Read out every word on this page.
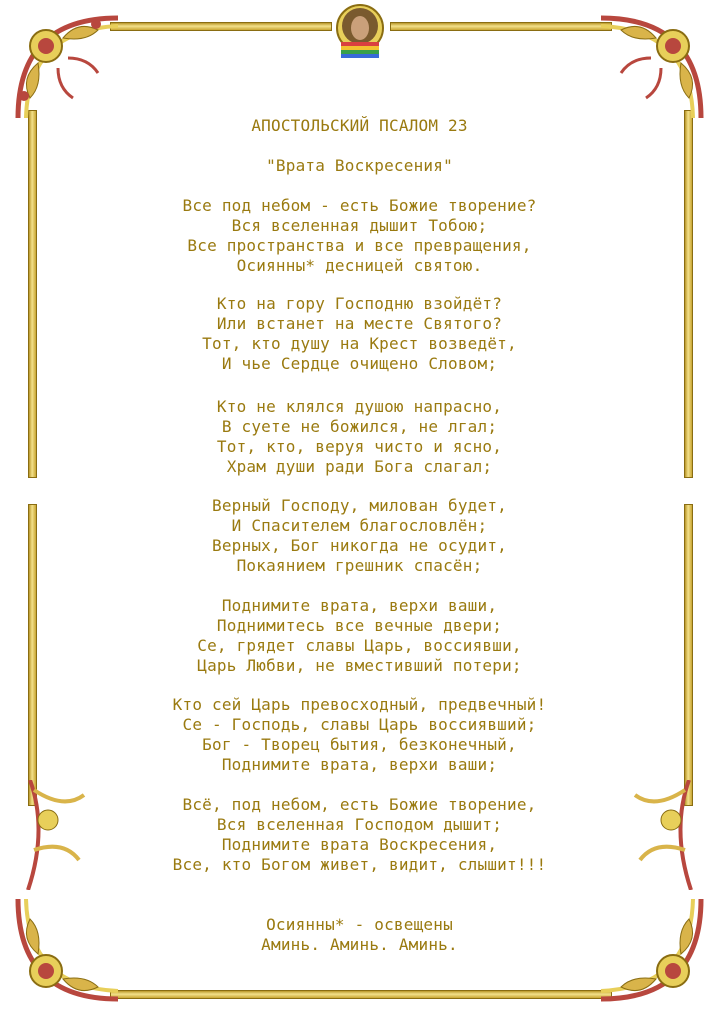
АПОСТОЛЬСКИЙ ПСАЛОМ 23
"Врата Воскресения"

Все под небом - есть Божие творение?

Вся вселенная дышит Тобою;

Все пространства и все превращения,

Осиянны* десницей святою.

Кто на гору Господню взойдёт?

Или встанет на месте Святого?

Тот, кто душу на Крест возведёт,

И чье Сердце очищено Словом;

Кто не клялся душою напрасно,

В суете не божился, не лгал;

Тот, кто, веруя чисто и ясно,

Храм души ради Бога слагал;

Верный Господу, милован будет,

И Спасителем благословлён;

Верных, Бог никогда не осудит,

Покаянием грешник спасён;

Поднимите врата, верхи ваши,

Поднимитесь все вечные двери;

Се, грядет славы Царь, воссиявши,

Царь Любви, не вместивший потери;

Кто сей Царь превосходный, предвечный!

Се - Господь, славы Царь воссиявший;

Бог - Творец бытия, безконечный,

Поднимите врата, верхи ваши;

Всё, под небом, есть Божие творение,

Вся вселенная Господом дышит;

Поднимите врата Воскресения,

Все, кто Богом живет, видит, слышит!!!

Осиянны* - освещены

Аминь. Аминь. Аминь.
